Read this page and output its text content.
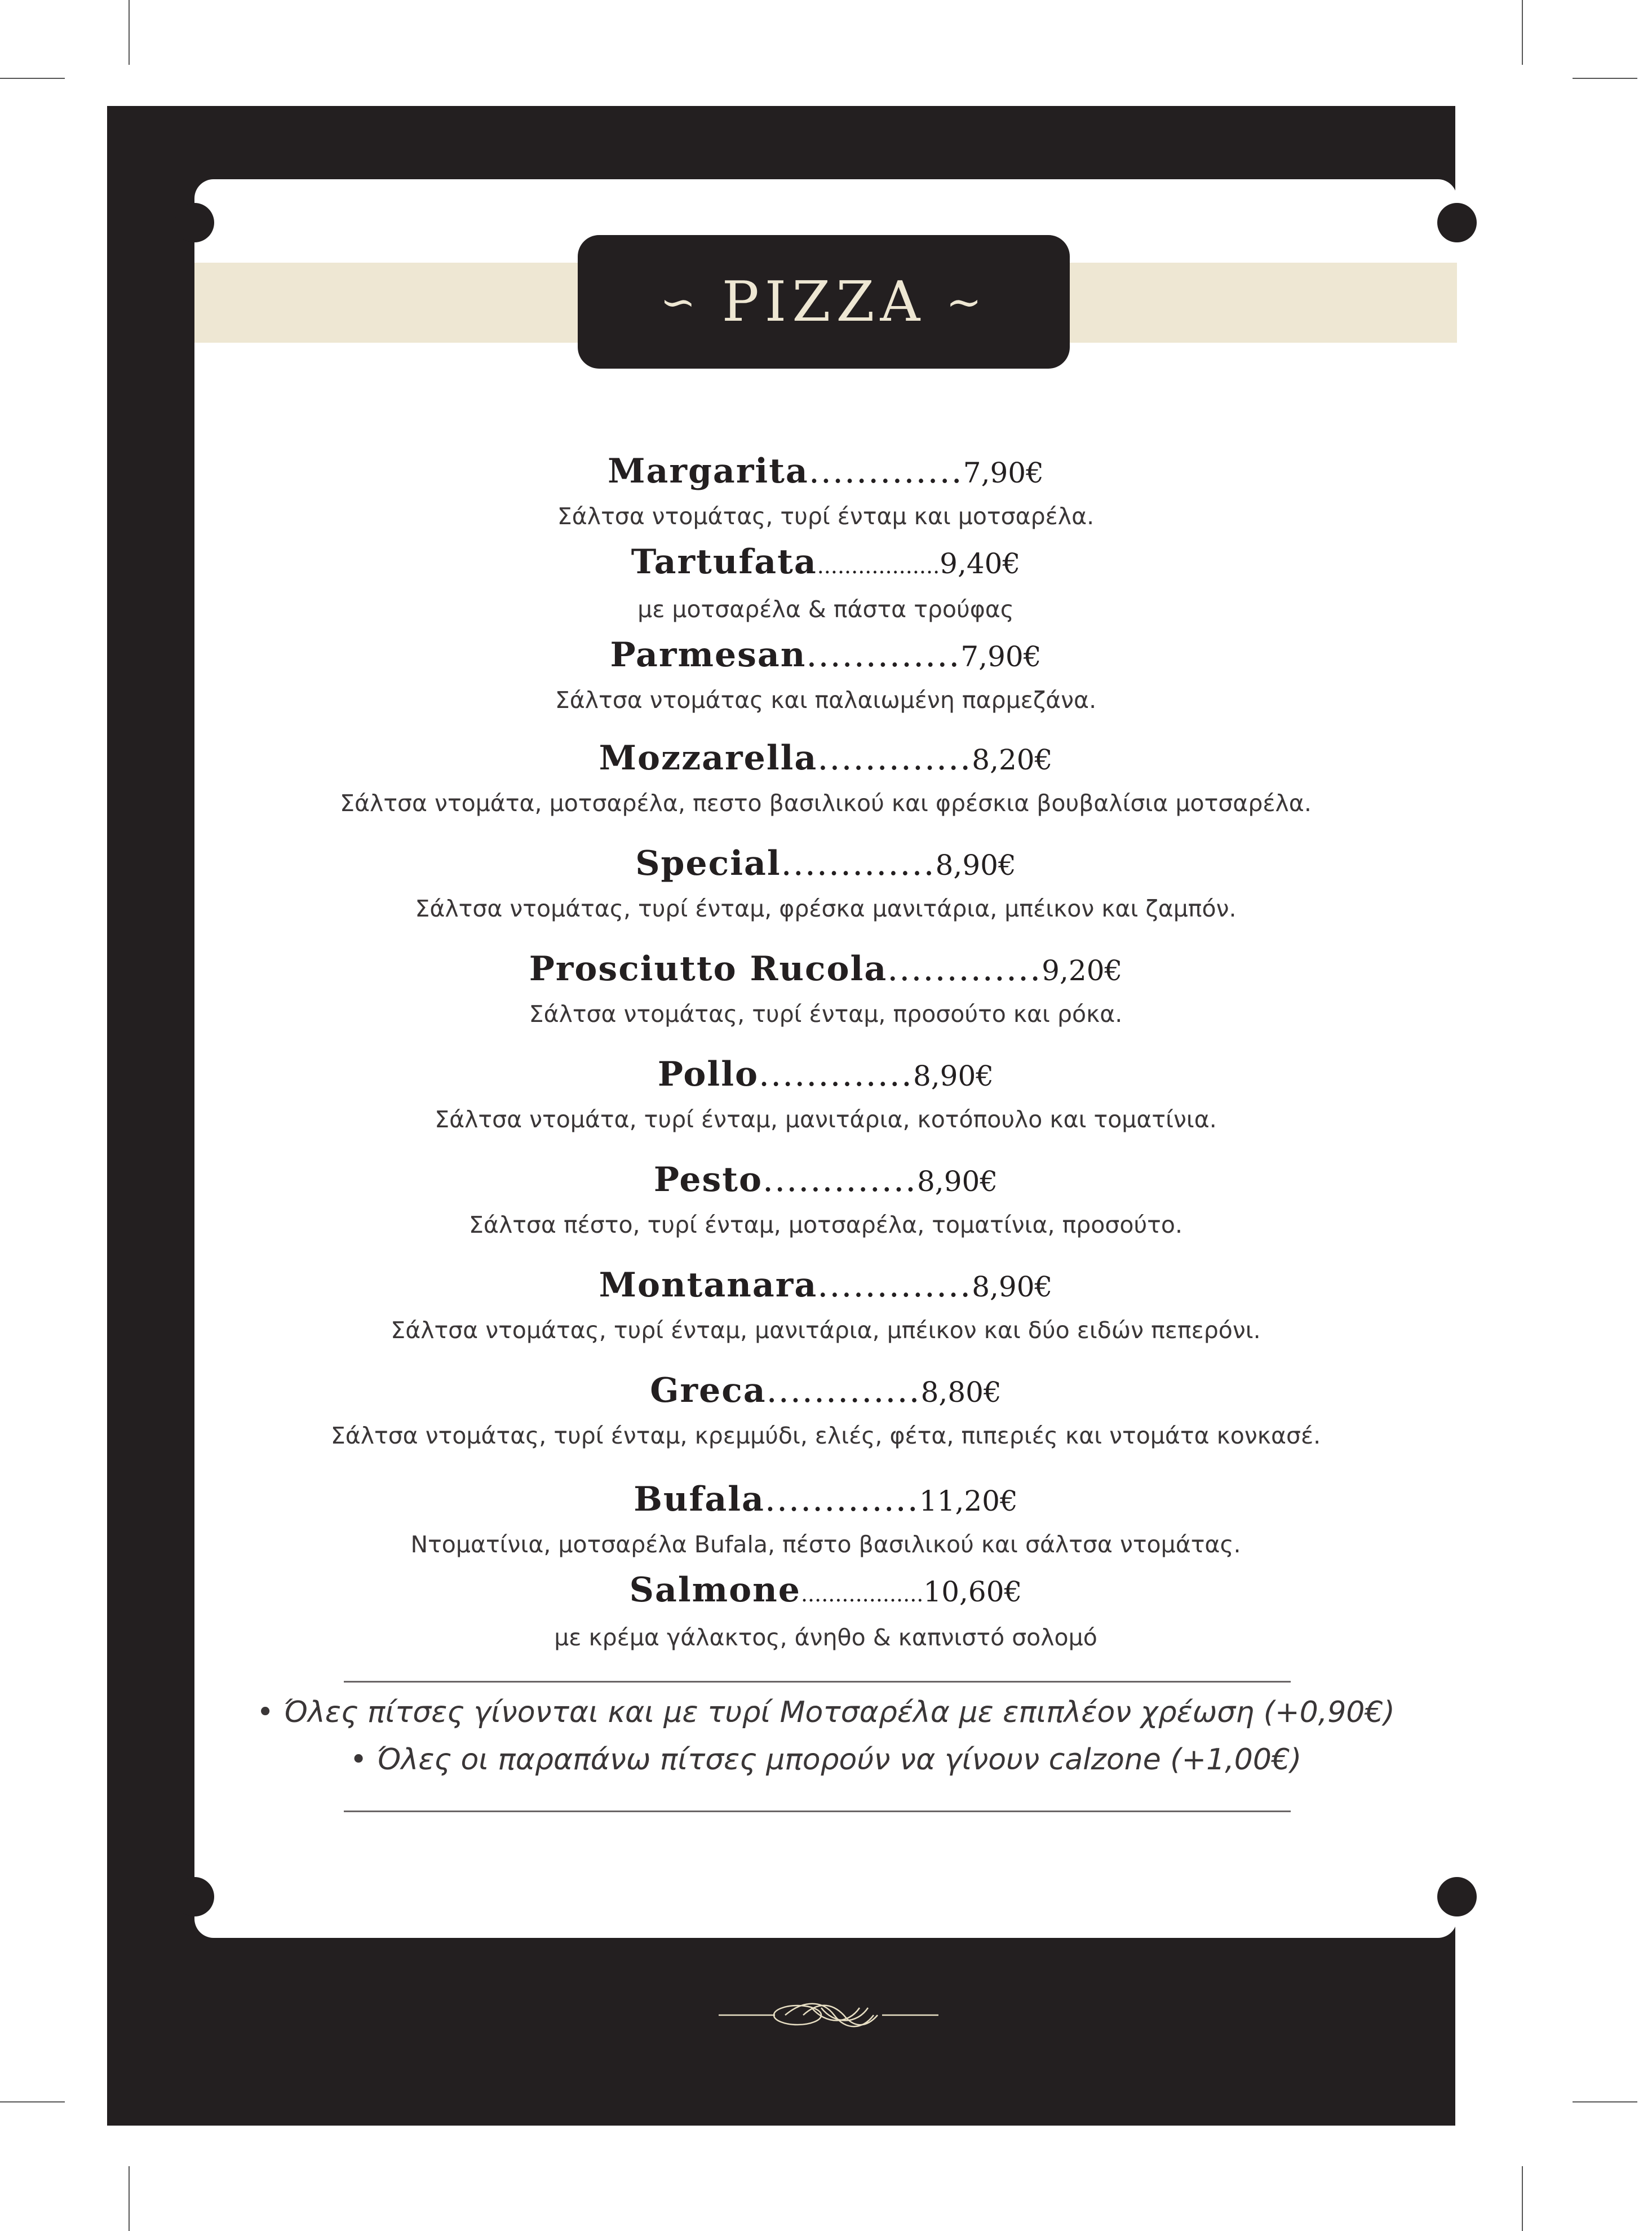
∽ PIZZA ∼
Margarita.............7,90€
Σάλτσα ντομάτας, τυρί ένταμ και μοτσαρέλα.
Tartufata..................9,40€
με μοτσαρέλα & πάστα τρούφας
Parmesan.............7,90€
Σάλτσα ντομάτας και παλαιωμένη παρμεζάνα.
Mozzarella.............8,20€
Σάλτσα ντομάτα, μοτσαρέλα, πεστο βασιλικού και φρέσκια βουβαλίσια μοτσαρέλα.
Special.............8,90€
Σάλτσα ντομάτας, τυρί ένταμ, φρέσκα μανιτάρια, μπέικον και ζαμπόν.
Prosciutto Rucola.............9,20€
Σάλτσα ντομάτας, τυρί ένταμ, προσούτο και ρόκα.
Pollo.............8,90€
Σάλτσα ντομάτα, τυρί ένταμ, μανιτάρια, κοτόπουλο και τοματίνια.
Pesto.............8,90€
Σάλτσα πέστο, τυρί ένταμ, μοτσαρέλα, τοματίνια, προσούτο.
Montanara.............8,90€
Σάλτσα ντομάτας, τυρί ένταμ, μανιτάρια, μπέικον και δύο ειδών πεπερόνι.
Greca.............8,80€
Σάλτσα ντομάτας, τυρί ένταμ, κρεμμύδι, ελιές, φέτα, πιπεριές και ντομάτα κονκασέ.
Bufala.............11,20€
Ντοματίνια, μοτσαρέλα Bufala, πέστο βασιλικού και σάλτσα ντομάτας.
Salmone..................10,60€
με κρέμα γάλακτος, άνηθο & καπνιστό σολομό
• Όλες πίτσες γίνονται και με τυρί Μοτσαρέλα με επιπλέον χρέωση (+0,90€)
• Όλες οι παραπάνω πίτσες μπορούν να γίνουν calzone (+1,00€)
